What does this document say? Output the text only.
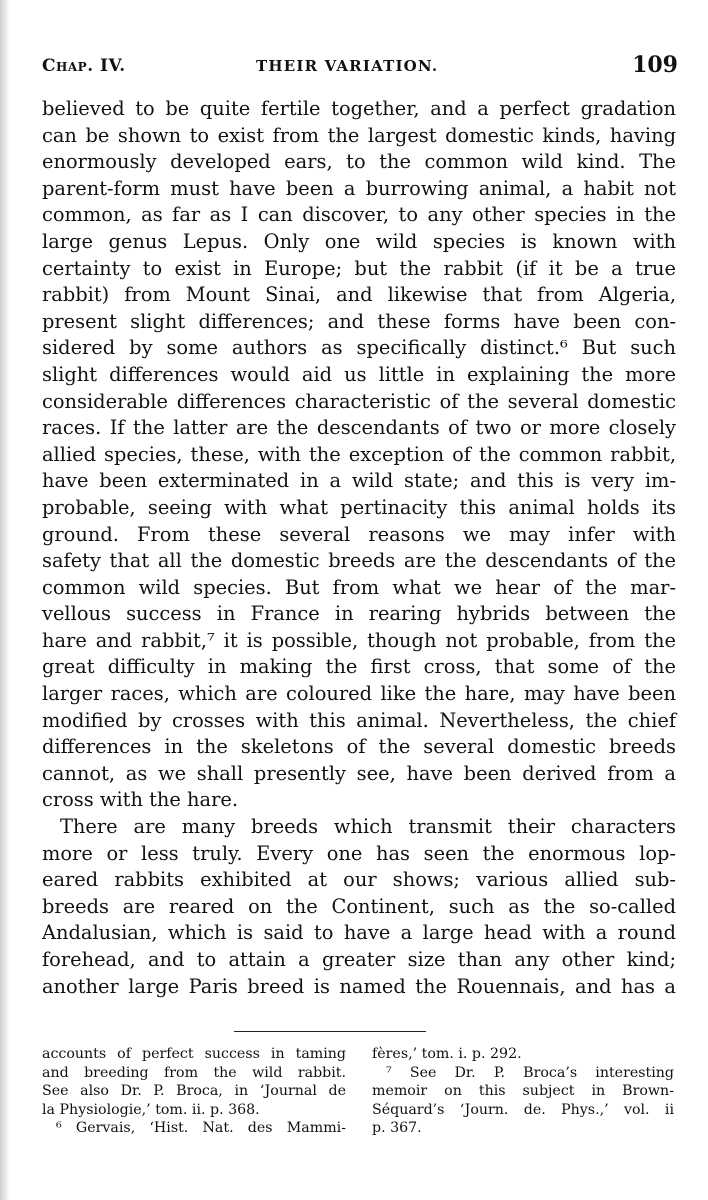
Chap. IV.	THEIR VARIATION.	109
believed to be quite fertile together, and a perfect gradation
can be shown to exist from the largest domestic kinds, having
enormously developed ears, to the common wild kind. The
parent-form must have been a burrowing animal, a habit not
common, as far as I can discover, to any other species in the
large genus Lepus. Only one wild species is known with
certainty to exist in Europe; but the rabbit (if it be a true
rabbit) from Mount Sinai, and likewise that from Algeria,
present slight differences; and these forms have been con-
sidered by some authors as specifically distinct.⁶ But such
slight differences would aid us little in explaining the more
considerable differences characteristic of the several domestic
races. If the latter are the descendants of two or more closely
allied species, these, with the exception of the common rabbit,
have been exterminated in a wild state; and this is very im-
probable, seeing with what pertinacity this animal holds its
ground. From these several reasons we may infer with
safety that all the domestic breeds are the descendants of the
common wild species. But from what we hear of the mar-
vellous success in France in rearing hybrids between the
hare and rabbit,⁷ it is possible, though not probable, from the
great difficulty in making the first cross, that some of the
larger races, which are coloured like the hare, may have been
modified by crosses with this animal. Nevertheless, the chief
differences in the skeletons of the several domestic breeds
cannot, as we shall presently see, have been derived from a
cross with the hare.
There are many breeds which transmit their characters
more or less truly. Every one has seen the enormous lop-
eared rabbits exhibited at our shows; various allied sub-
breeds are reared on the Continent, such as the so-called
Andalusian, which is said to have a large head with a round
forehead, and to attain a greater size than any other kind;
another large Paris breed is named the Rouennais, and has a
accounts of perfect success in taming
and breeding from the wild rabbit.
See also Dr. P. Broca, in ‘Journal de
la Physiologie,’ tom. ii. p. 368.
⁶ Gervais, ‘Hist. Nat. des Mammi-
fères,’ tom. i. p. 292.
⁷ See Dr. P. Broca’s interesting
memoir on this subject in Brown-
Séquard’s ‘Journ. de. Phys.,’ vol. ii
p. 367.
